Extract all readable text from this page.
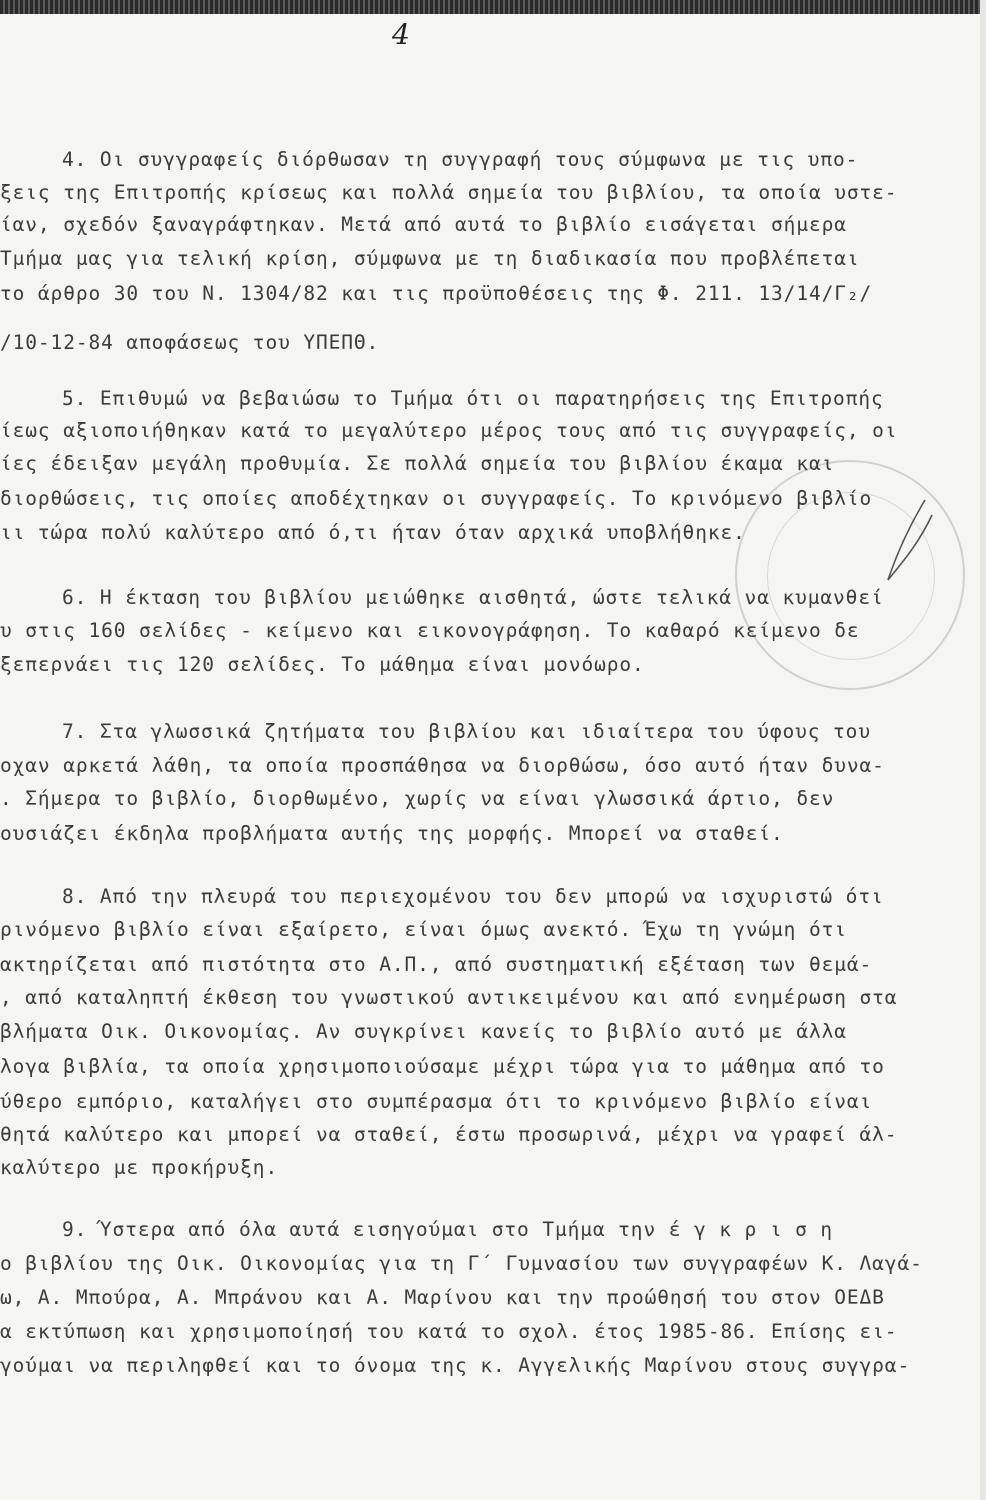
4
4. Οι συγγραφείς διόρθωσαν τη συγγραφή τους σύμφωνα με τις υπο-
ξεις της Επιτροπής κρίσεως και πολλά σημεία του βιβλίου, τα οποία υστε-
ίαν, σχεδόν ξαναγράφτηκαν. Μετά από αυτά το βιβλίο εισάγεται σήμερα
Τμήμα μας για τελική κρίση, σύμφωνα με τη διαδικασία που προβλέπεται
το άρθρο 30 του Ν. 1304/82 και τις προϋποθέσεις της Φ. 211. 13/14/Γ₂/
/10-12-84 αποφάσεως του ΥΠΕΠΘ.
5. Επιθυμώ να βεβαιώσω το Τμήμα ότι οι παρατηρήσεις της Επιτροπής
ίεως αξιοποιήθηκαν κατά το μεγαλύτερο μέρος τους από τις συγγραφείς, οι
ίες έδειξαν μεγάλη προθυμία. Σε πολλά σημεία του βιβλίου έκαμα και
διορθώσεις, τις οποίες αποδέχτηκαν οι συγγραφείς. Το κρινόμενο βιβλίο
ιι τώρα πολύ καλύτερο από ό,τι ήταν όταν αρχικά υποβλήθηκε.
6. Η έκταση του βιβλίου μειώθηκε αισθητά, ώστε τελικά να κυμανθεί
υ στις 160 σελίδες - κείμενο και εικονογράφηση. Το καθαρό κείμενο δε
ξεπερνάει τις 120 σελίδες. Το μάθημα είναι μονόωρο.
7. Στα γλωσσικά ζητήματα του βιβλίου και ιδιαίτερα του ύφους του
οχαν αρκετά λάθη, τα οποία προσπάθησα να διορθώσω, όσο αυτό ήταν δυνα-
. Σήμερα το βιβλίο, διορθωμένο, χωρίς να είναι γλωσσικά άρτιο, δεν
ουσιάζει έκδηλα προβλήματα αυτής της μορφής. Μπορεί να σταθεί.
8. Από την πλευρά του περιεχομένου του δεν μπορώ να ισχυριστώ ότι
ρινόμενο βιβλίο είναι εξαίρετο, είναι όμως ανεκτό. Έχω τη γνώμη ότι
ακτηρίζεται από πιστότητα στο Α.Π., από συστηματική εξέταση των θεμά-
, από καταληπτή έκθεση του γνωστικού αντικειμένου και από ενημέρωση στα
βλήματα Οικ. Οικονομίας. Αν συγκρίνει κανείς το βιβλίο αυτό με άλλα
λογα βιβλία, τα οποία χρησιμοποιούσαμε μέχρι τώρα για το μάθημα από το
ύθερο εμπόριο, καταλήγει στο συμπέρασμα ότι το κρινόμενο βιβλίο είναι
θητά καλύτερο και μπορεί να σταθεί, έστω προσωρινά, μέχρι να γραφεί άλ-
καλύτερο με προκήρυξη.
9. Ύστερα από όλα αυτά εισηγούμαι στο Τμήμα την έ γ κ ρ ι σ η
ο βιβλίου της Οικ. Οικονομίας για τη Γ΄ Γυμνασίου των συγγραφέων Κ. Λαγά-
ω, Α. Μπούρα, Α. Μπράνου και Α. Μαρίνου και την προώθησή του στον ΟΕΔΒ
α εκτύπωση και χρησιμοποίησή του κατά το σχολ. έτος 1985-86. Επίσης ει-
γούμαι να περιληφθεί και το όνομα της κ. Αγγελικής Μαρίνου στους συγγρα-
